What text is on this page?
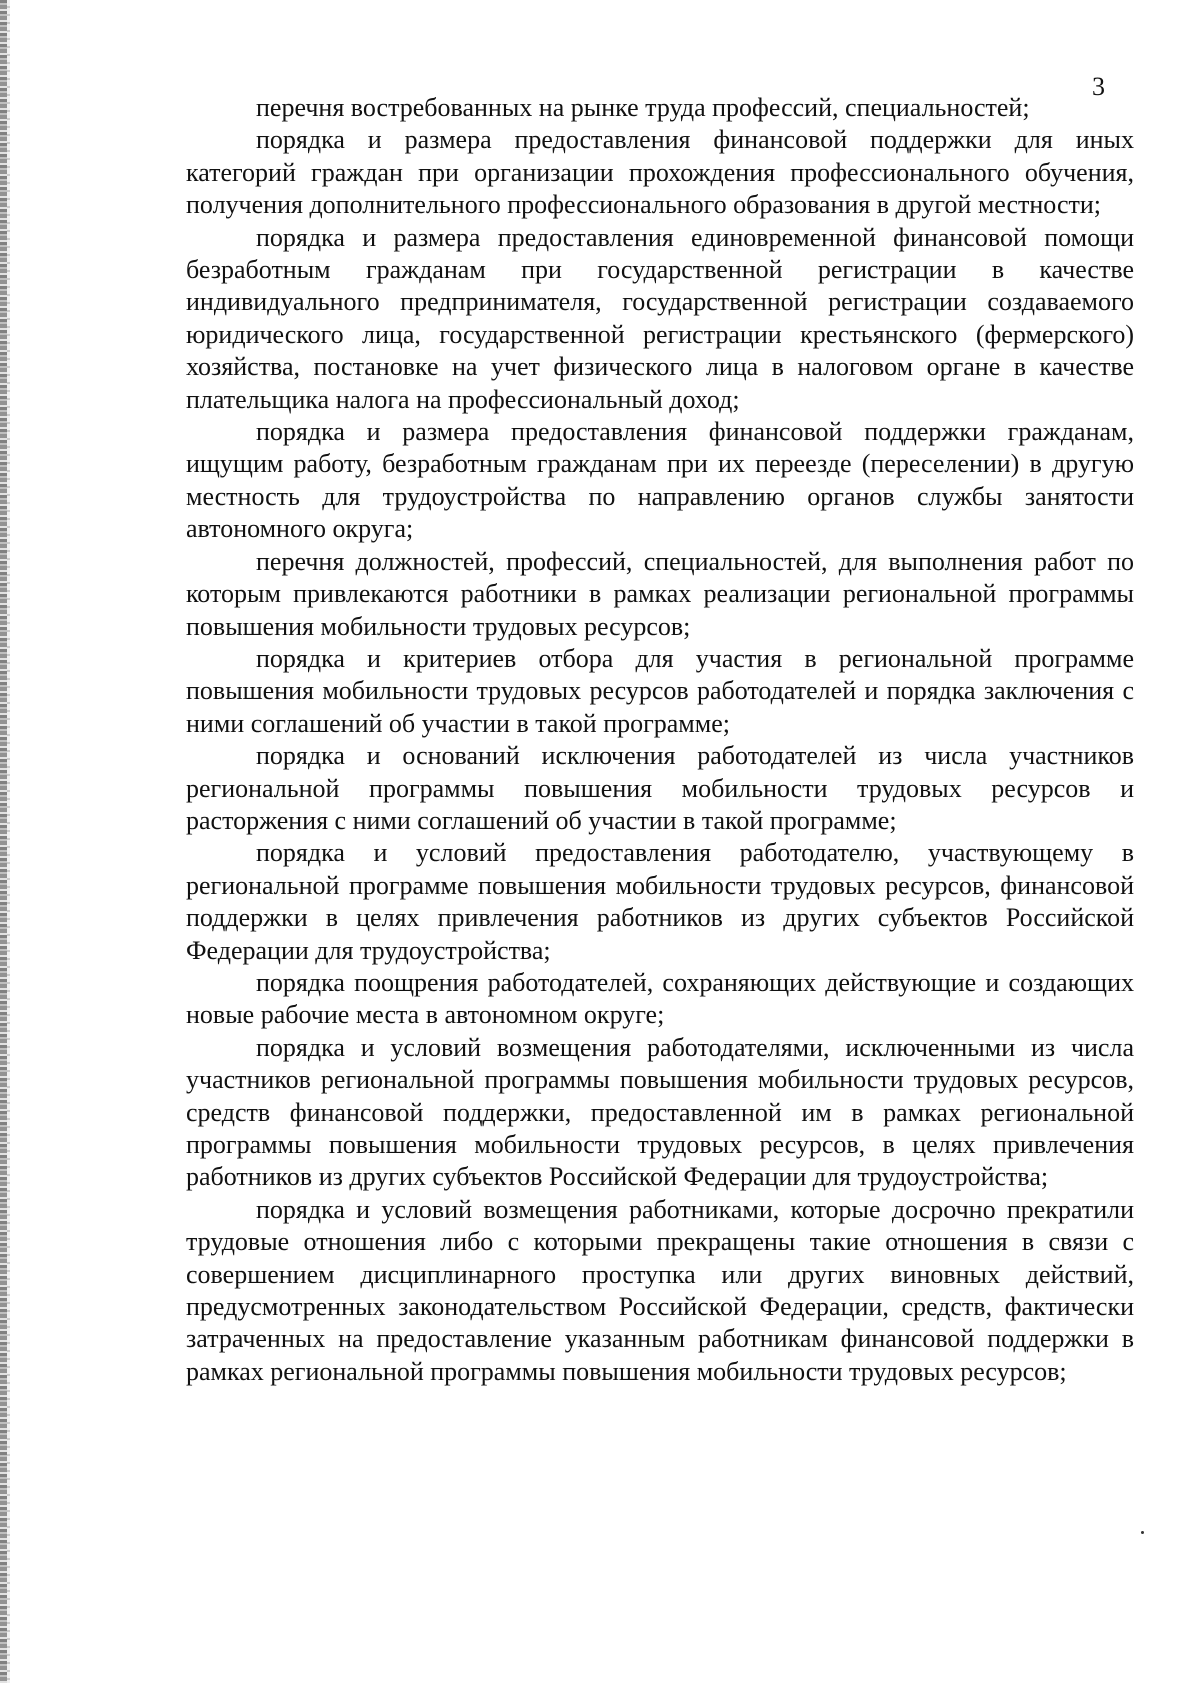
3

перечня востребованных на рынке труда профессий, специальностей;

порядка и размера предоставления финансовой поддержки для иных категорий граждан при организации прохождения профессионального обучения, получения дополнительного профессионального образования в другой местности;

порядка и размера предоставления единовременной финансовой помощи безработным гражданам при государственной регистрации в качестве индивидуального предпринимателя, государственной регистрации создаваемого юридического лица, государственной регистрации крестьянского (фермерского) хозяйства, постановке на учет физического лица в налоговом органе в качестве плательщика налога на профессиональный доход;

порядка и размера предоставления финансовой поддержки гражданам, ищущим работу, безработным гражданам при их переезде (переселении) в другую местность для трудоустройства по направлению органов службы занятости автономного округа;

перечня должностей, профессий, специальностей, для выполнения работ по которым привлекаются работники в рамках реализации региональной программы повышения мобильности трудовых ресурсов;

порядка и критериев отбора для участия в региональной программе повышения мобильности трудовых ресурсов работодателей и порядка заключения с ними соглашений об участии в такой программе;

порядка и оснований исключения работодателей из числа участников региональной программы повышения мобильности трудовых ресурсов и расторжения с ними соглашений об участии в такой программе;

порядка и условий предоставления работодателю, участвующему в региональной программе повышения мобильности трудовых ресурсов, финансовой поддержки в целях привлечения работников из других субъектов Российской Федерации для трудоустройства;

порядка поощрения работодателей, сохраняющих действующие и создающих новые рабочие места в автономном округе;

порядка и условий возмещения работодателями, исключенными из числа участников региональной программы повышения мобильности трудовых ресурсов, средств финансовой поддержки, предоставленной им в рамках региональной программы повышения мобильности трудовых ресурсов, в целях привлечения работников из других субъектов Российской Федерации для трудоустройства;

порядка и условий возмещения работниками, которые досрочно прекратили трудовые отношения либо с которыми прекращены такие отношения в связи с совершением дисциплинарного проступка или других виновных действий, предусмотренных законодательством Российской Федерации, средств, фактически затраченных на предоставление указанным работникам финансовой поддержки в рамках региональной программы повышения мобильности трудовых ресурсов;
